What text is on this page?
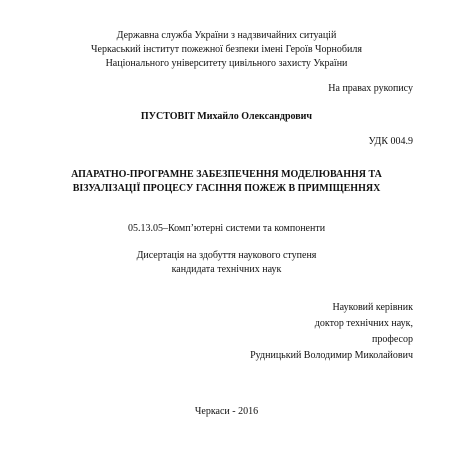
Державна служба України з надзвичайних ситуацій
Черкаський інститут пожежної безпеки імені Героїв Чорнобиля
Національного університету цивільного захисту України
На правах рукопису
ПУСТОВІТ Михайло Олександрович
УДК 004.9
АПАРАТНО-ПРОГРАМНЕ ЗАБЕЗПЕЧЕННЯ МОДЕЛЮВАННЯ ТА
ВІЗУАЛІЗАЦІЇ ПРОЦЕСУ ГАСІННЯ ПОЖЕЖ В ПРИМІЩЕННЯХ
05.13.05–Комп’ютерні системи та компоненти
Дисертація на здобуття наукового ступеня
кандидата технічних наук
Науковий керівник
доктор технічних наук,
професор
Рудницький Володимир Миколайович
Черкаси - 2016
